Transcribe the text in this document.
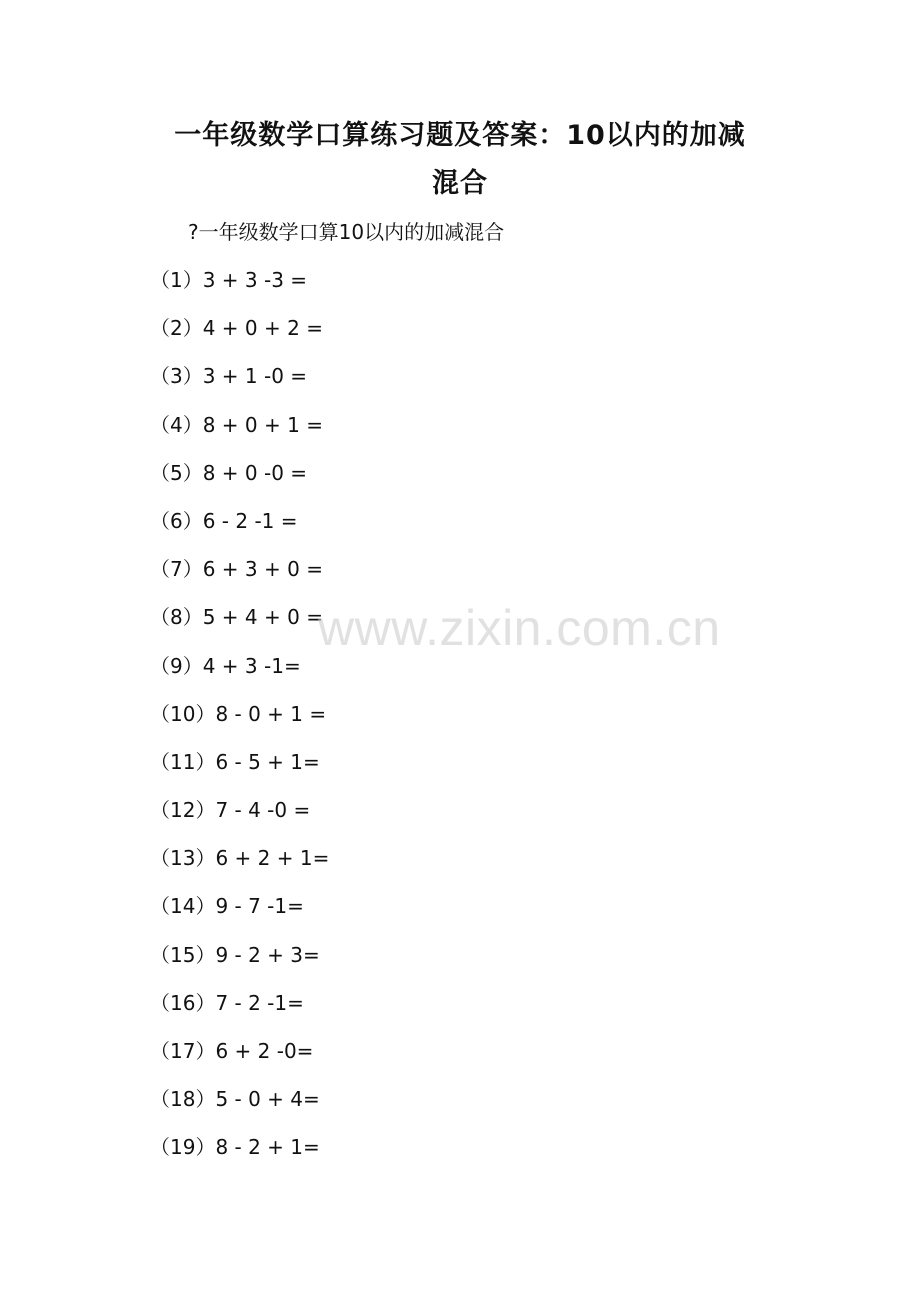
一年级数学口算练习题及答案：10以内的加减
混合
?一年级数学口算10以内的加减混合
（1）3 + 3 -3 =
（2）4 + 0 + 2 =
（3）3 + 1 -0 =
（4）8 + 0 + 1 =
（5）8 + 0 -0 =
（6）6 - 2 -1 =
（7）6 + 3 + 0 =
（8）5 + 4 + 0 =
（9）4 + 3 -1=
（10）8 - 0 + 1 =
（11）6 - 5 + 1=
（12）7 - 4 -0 =
（13）6 + 2 + 1=
（14）9 - 7 -1=
（15）9 - 2 + 3=
（16）7 - 2 -1=
（17）6 + 2 -0=
（18）5 - 0 + 4=
（19）8 - 2 + 1=
www.zixin.com.cn
